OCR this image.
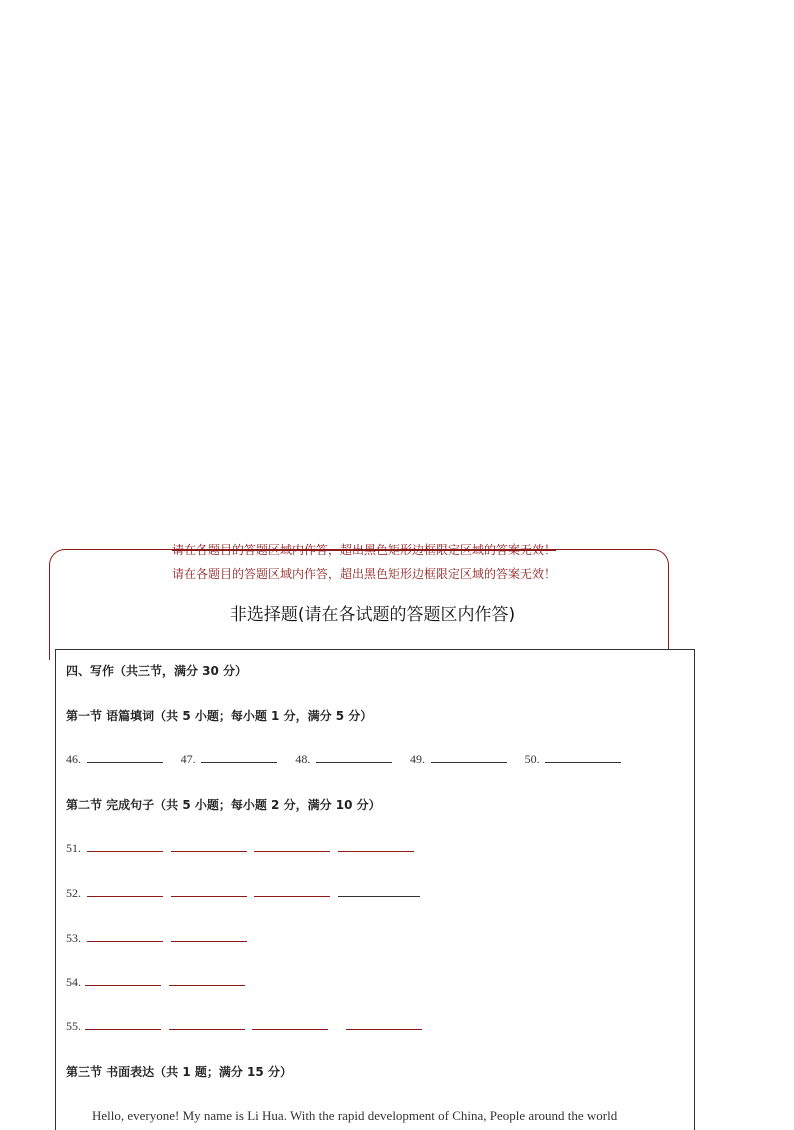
请在各题目的答题区域内作答，超出黑色矩形边框限定区域的答案无效！
请在各题目的答题区域内作答，超出黑色矩形边框限定区域的答案无效！
非选择题(请在各试题的答题区内作答)
四、写作（共三节，满分 30 分）
第一节 语篇填词（共 5 小题；每小题 1 分，满分 5 分）
46.	47.	48.	49.	50.
第二节 完成句子（共 5 小题；每小题 2 分，满分 10 分）
51.
52.
53.
54.
55.
第三节 书面表达（共 1 题；满分 15 分）
Hello, everyone! My name is Li Hua. With the rapid development of China, People around the world
